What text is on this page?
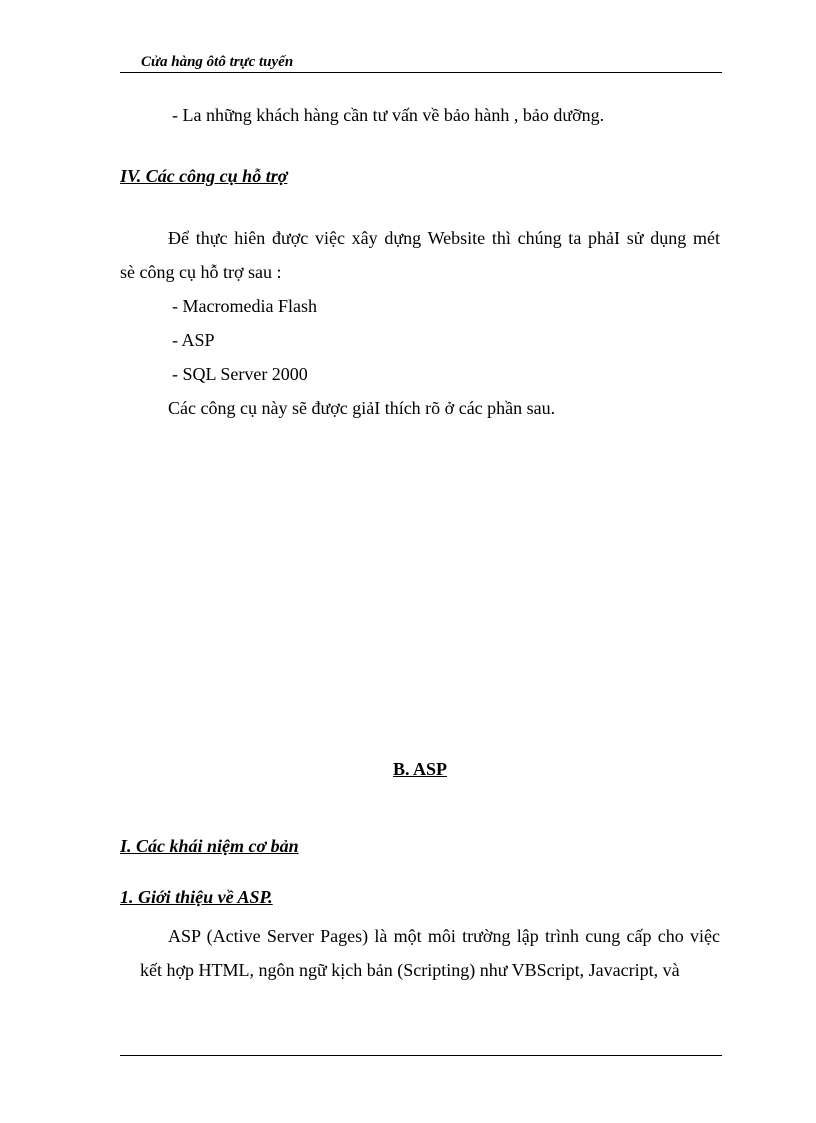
Cửa hàng ôtô trực tuyến
- La những khách hàng cần tư vấn về bảo hành , bảo dưỡng.
IV. Các công cụ hỗ trợ
Để thực hiên được việc xây dựng Website thì chúng ta phảI sử dụng mét
sè công cụ hỗ trợ sau :
- Macromedia Flash
- ASP
- SQL Server 2000
Các công cụ này sẽ được giảI thích rõ ở các phần sau.
B. ASP
I. Các khái niệm cơ bản
1. Giới thiệu về ASP.
ASP (Active Server Pages) là một môi trường lập trình cung cấp cho việc
kết hợp HTML, ngôn ngữ kịch bản (Scripting) như VBScript, Javacript, và
